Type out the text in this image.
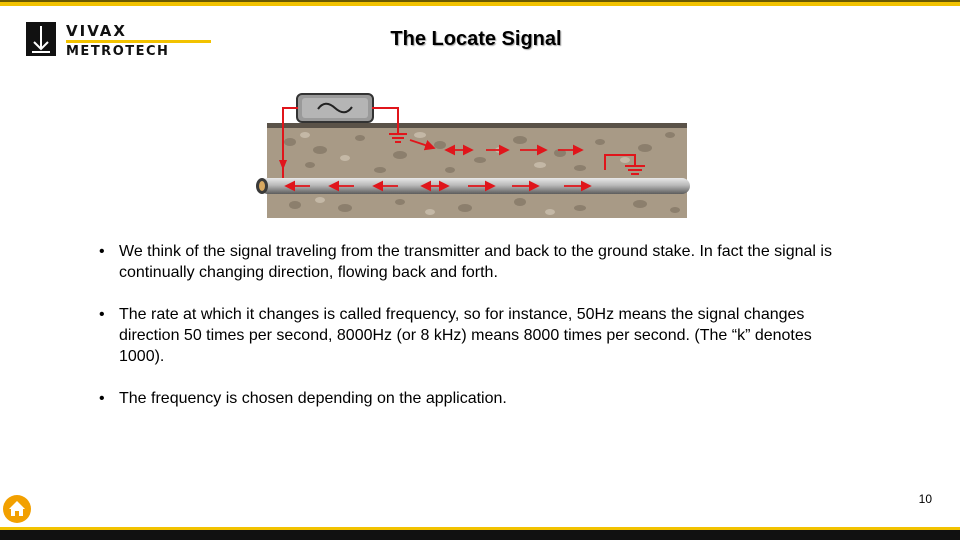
VIVAX
METROTECH
The Locate Signal
• We think of the signal traveling from the transmitter and back to the ground stake. In fact the signal is continually changing direction, flowing back and forth.
• The rate at which it changes is called frequency, so for instance, 50Hz means the signal changes direction 50 times per second, 8000Hz (or 8 kHz) means 8000 times per second. (The “k” denotes 1000).
• The frequency is chosen depending on the application.
10
